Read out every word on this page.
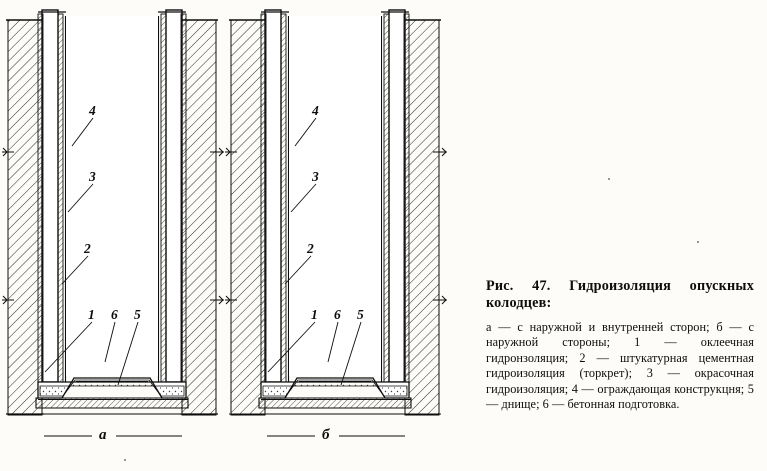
4
3
2
1 6 5
4
3
2
1 6 5
а	б

Рис. 47. Гидроизоляция опускных колодцев:

а — с наружной и внутренней сторон; б — с наружной стороны; 1 — оклеечная гидронзоляция; 2 — штукатурная цементная гидроизоляция (торкрет); 3 — окрасочная гидроизоляция; 4 — ограждающая конструкцня; 5 — днище; 6 — бетонная подготовка.
